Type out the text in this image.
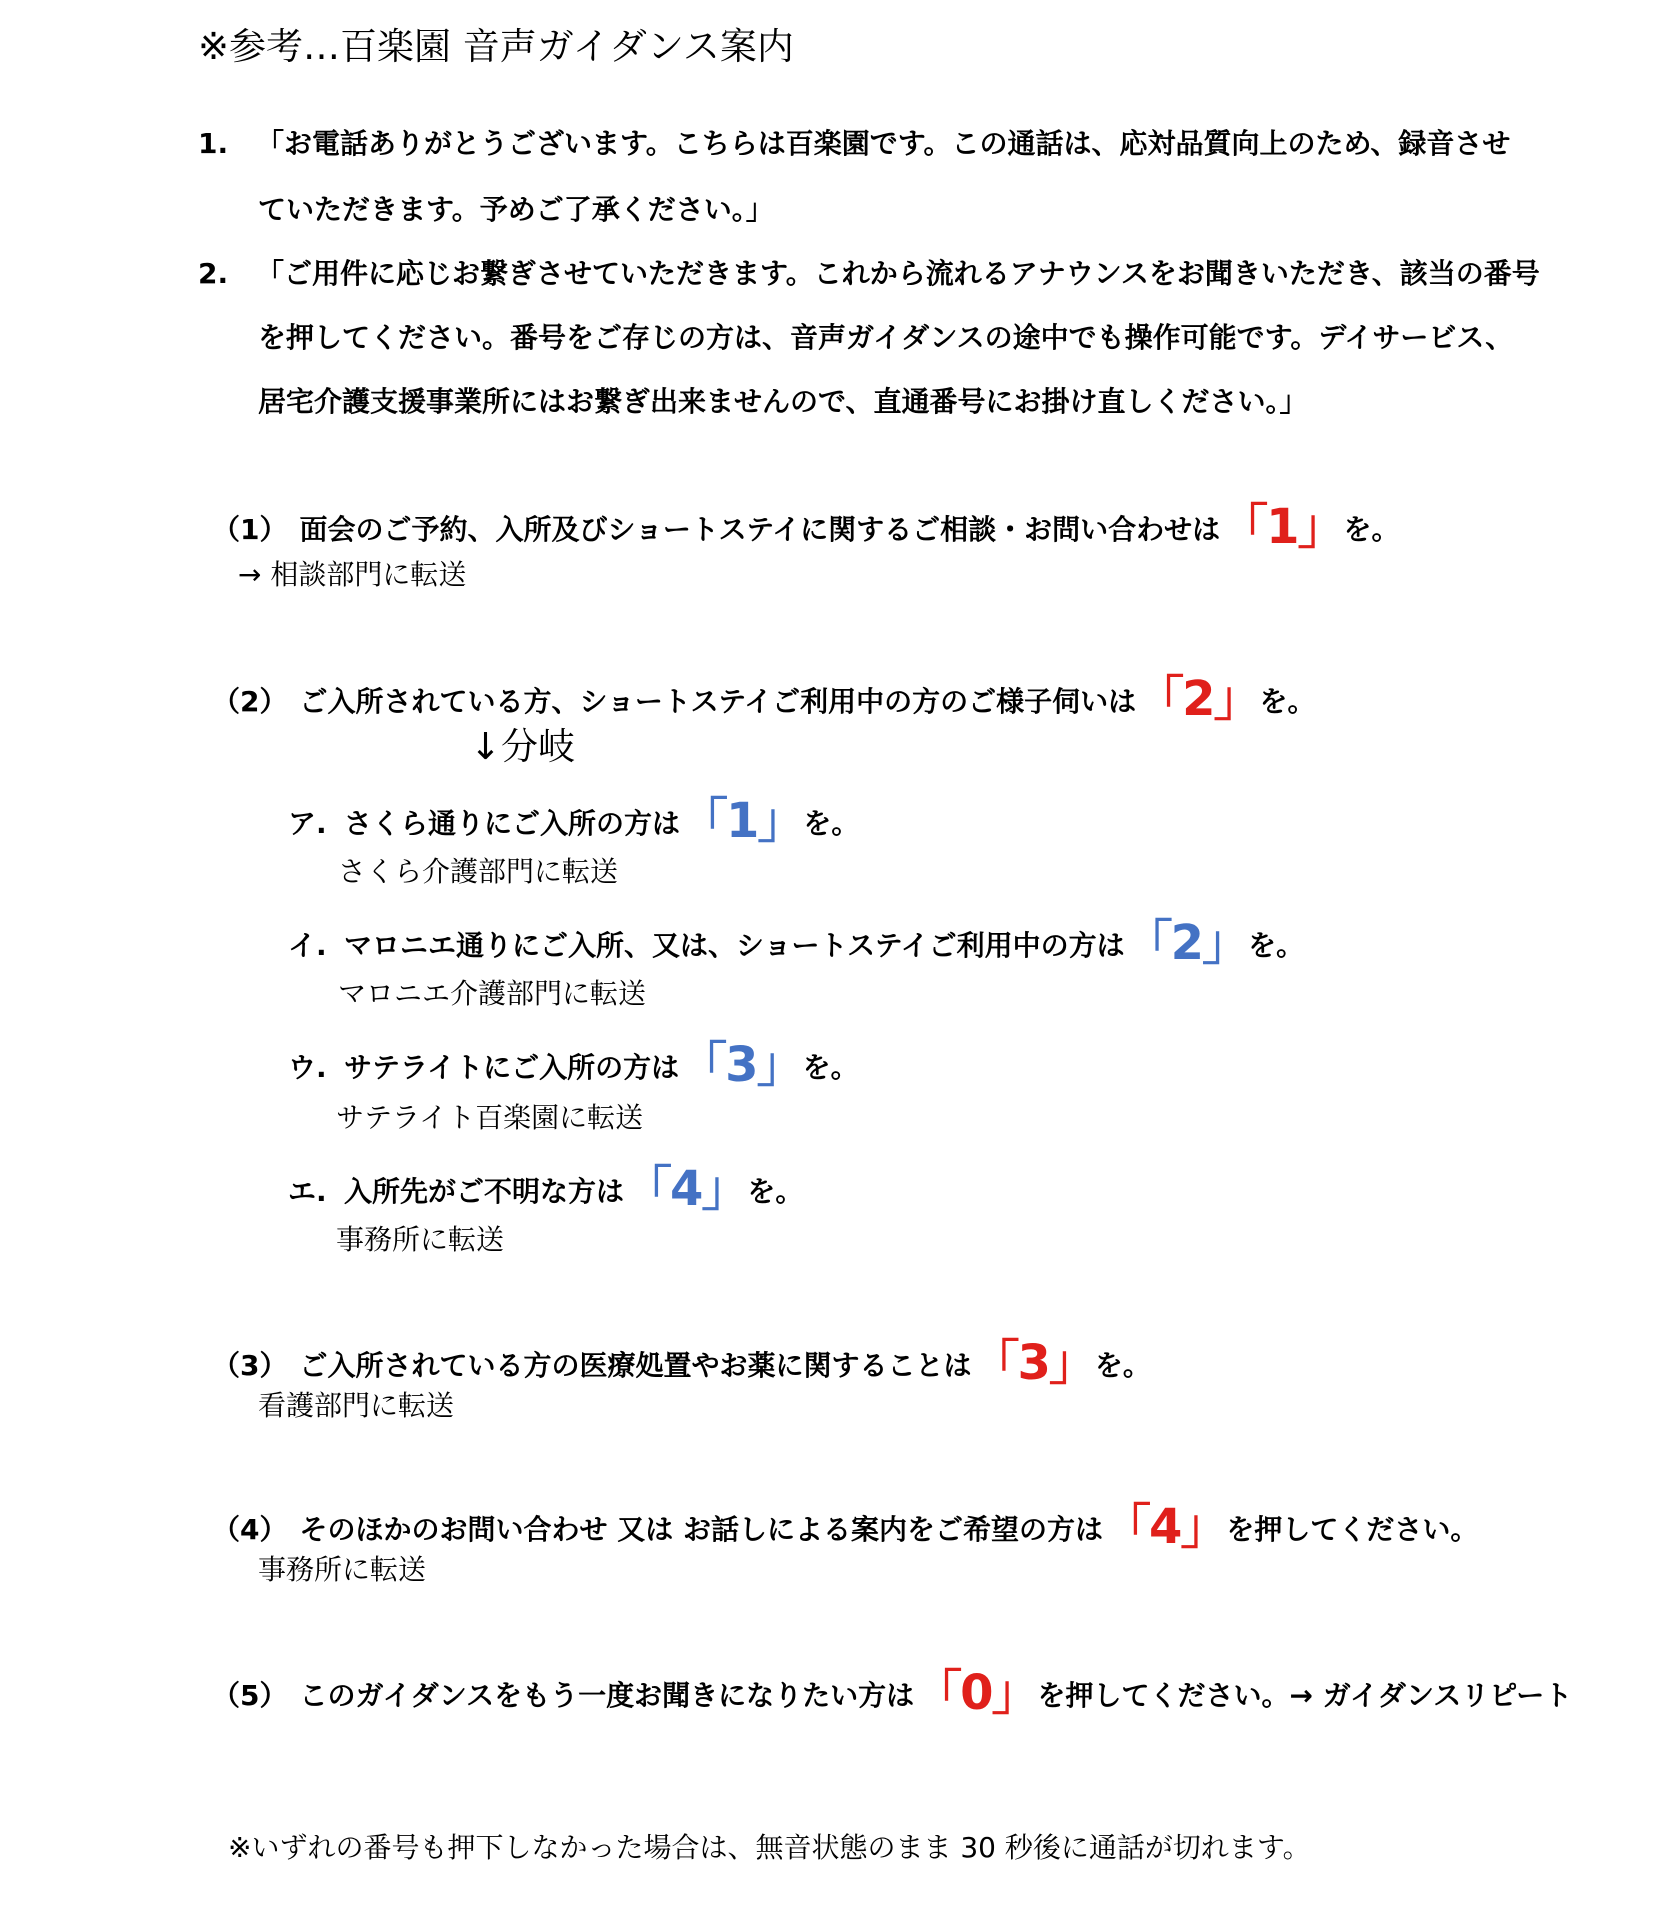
※参考…百楽園 音声ガイダンス案内
1. 「お電話ありがとうございます。こちらは百楽園です。この通話は、応対品質向上のため、録音させ
ていただきます。予めご了承ください。」
2. 「ご用件に応じお繋ぎさせていただきます。これから流れるアナウンスをお聞きいただき、該当の番号
を押してください。番号をご存じの方は、音声ガイダンスの途中でも操作可能です。デイサービス、
居宅介護支援事業所にはお繋ぎ出来ませんので、直通番号にお掛け直しください。」
（1） 面会のご予約、入所及びショートステイに関するご相談・お問い合わせは「1」を。
→ 相談部門に転送
（2） ご入所されている方、ショートステイご利用中の方のご様子伺いは「2」を。
↓分岐
ア. さくら通りにご入所の方は「1」を。
さくら介護部門に転送
イ. マロニエ通りにご入所、又は、ショートステイご利用中の方は「2」を。
マロニエ介護部門に転送
ウ. サテライトにご入所の方は「3」を。
サテライト百楽園に転送
エ. 入所先がご不明な方は「4」を。
事務所に転送
（3） ご入所されている方の医療処置やお薬に関することは「3」を。
看護部門に転送
（4） そのほかのお問い合わせ 又は お話しによる案内をご希望の方は「4」を押してください。
事務所に転送
（5） このガイダンスをもう一度お聞きになりたい方は「0」を押してください。→ ガイダンスリピート
※いずれの番号も押下しなかった場合は、無音状態のまま 30 秒後に通話が切れます。
